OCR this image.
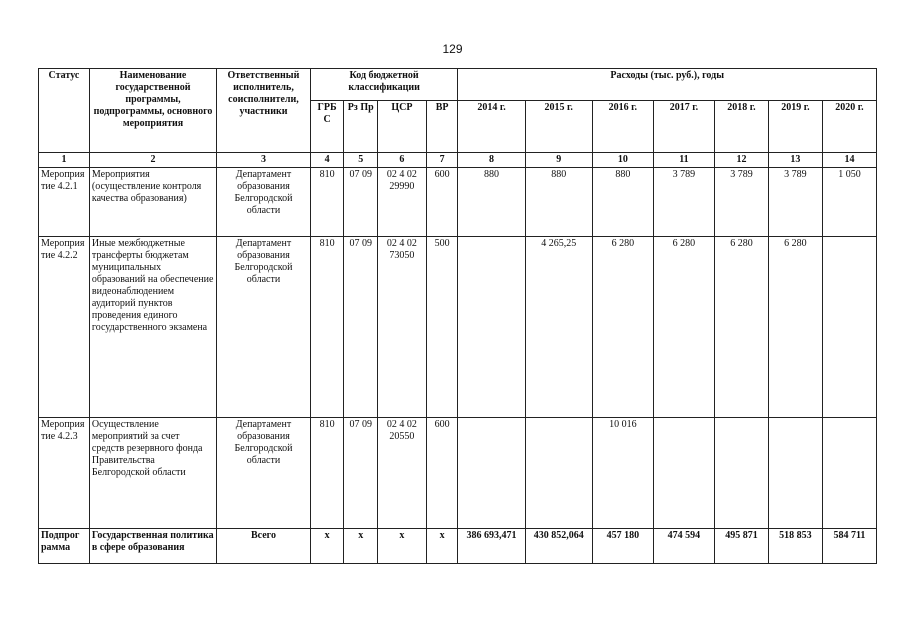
129
Статус	Наименование государственной программы, подпрограммы, основного мероприятия	Ответственный исполнитель, соисполнители, участники	Код бюджетной классификации				Расходы (тыс. руб.), годы						
			ГРБ С	Рз Пр	ЦСР	ВР	2014 г.	2015 г.	2016 г.	2017 г.	2018 г.	2019 г.	2020 г.
1	2	3	4	5	6	7	8	9	10	11	12	13	14
Мероприя тие 4.2.1	Мероприятия (осуществление контроля качества образования)	Департамент образования Белгородской области	810	07 09	02 4 02 29990	600	880	880	880	3 789	3 789	3 789	1 050
Мероприя тие 4.2.2	Иные межбюджетные трансферты бюджетам муниципальных образований на обеспечение видеонаблюдением аудиторий пунктов проведения единого государственного экзамена	Департамент образования Белгородской области	810	07 09	02 4 02 73050	500		4 265,25	6 280	6 280	6 280	6 280	
Мероприя тие 4.2.3	Осуществление мероприятий за счет средств резервного фонда Правительства Белгородской области	Департамент образования Белгородской области	810	07 09	02 4 02 20550	600			10 016				
Подпрог рамма	Государственная политика в сфере образования	Всего	х	х	х	х	386 693,471	430 852,064	457 180	474 594	495 871	518 853	584 711
